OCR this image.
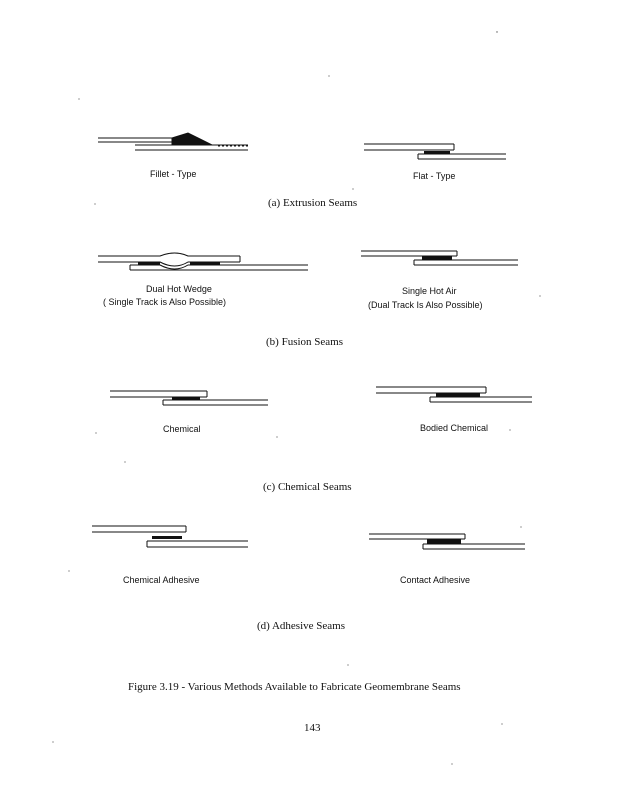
Fillet - Type	Flat - Type
(a) Extrusion Seams
Dual Hot Wedge
( Single Track is Also Possible)
Single Hot Air
(Dual Track Is Also Possible)
(b) Fusion Seams
Chemical	Bodied Chemical
(c) Chemical Seams
Chemical Adhesive	Contact Adhesive
(d) Adhesive Seams
Figure 3.19 - Various Methods Available to Fabricate Geomembrane Seams
143
